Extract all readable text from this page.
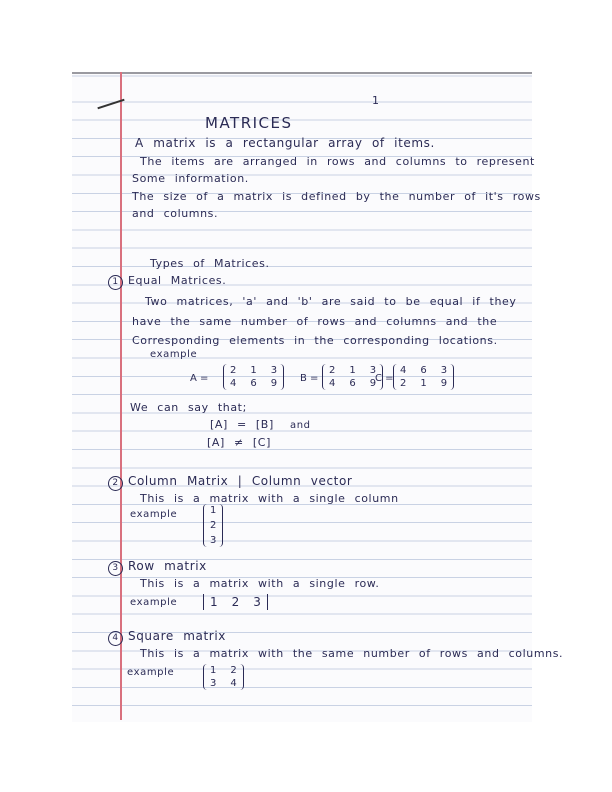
1
MATRICES
A matrix is a rectangular array of items.
The items are arranged in rows and columns to represent
Some information.
The size of a matrix is defined by the number of it's rows
and columns.
Types of Matrices.
1 Equal Matrices.
Two matrices, 'a' and 'b' are said to be equal if they
have the same number of rows and columns and the
Corresponding elements in the corresponding locations.
example
A =
2 1 3
4 6 9 B =
2 1 3
4 6 9
C =
4 6 3
2 1 9
We can say that;
[A] = [B] and
[A] ≠ [C]
2 Column Matrix | Column vector
This is a matrix with a single column
example	1
2
3
3 Row matrix
This is a matrix with a single row.
example	1 2 3
4 Square matrix
This is a matrix with the same number of rows and columns.
example	1 2
3 4
